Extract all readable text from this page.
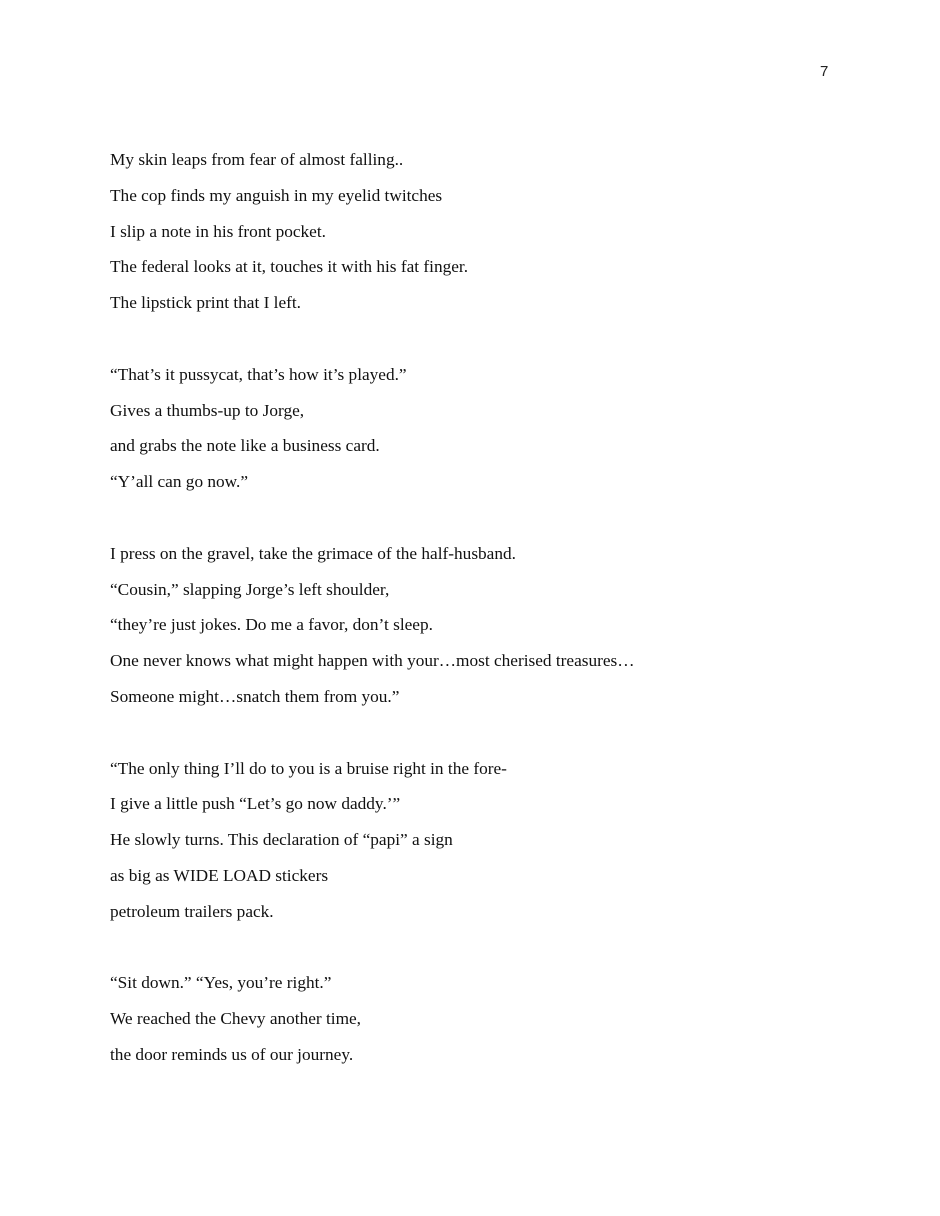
7
My skin leaps from fear of almost falling..
The cop finds my anguish in my eyelid twitches
I slip a note in his front pocket.
The federal looks at it, touches it with his fat finger.
The lipstick print that I left.
“That’s it pussycat, that’s how it’s played.”
Gives a thumbs-up to Jorge,
and grabs the note like a business card.
“Y’all can go now.”
I press on the gravel, take the grimace of the half-husband.
“Cousin,” slapping Jorge’s left shoulder,
“they’re just jokes. Do me a favor, don’t sleep.
One never knows what might happen with your…most cherised treasures…
Someone might…snatch them from you.”
“The only thing I’ll do to you is a bruise right in the fore-
I give a little push “Let’s go now daddy.’”
He slowly turns. This declaration of “papi” a sign
as big as WIDE LOAD stickers
petroleum trailers pack.
“Sit down.” “Yes, you’re right.”
We reached the Chevy another time,
the door reminds us of our journey.
